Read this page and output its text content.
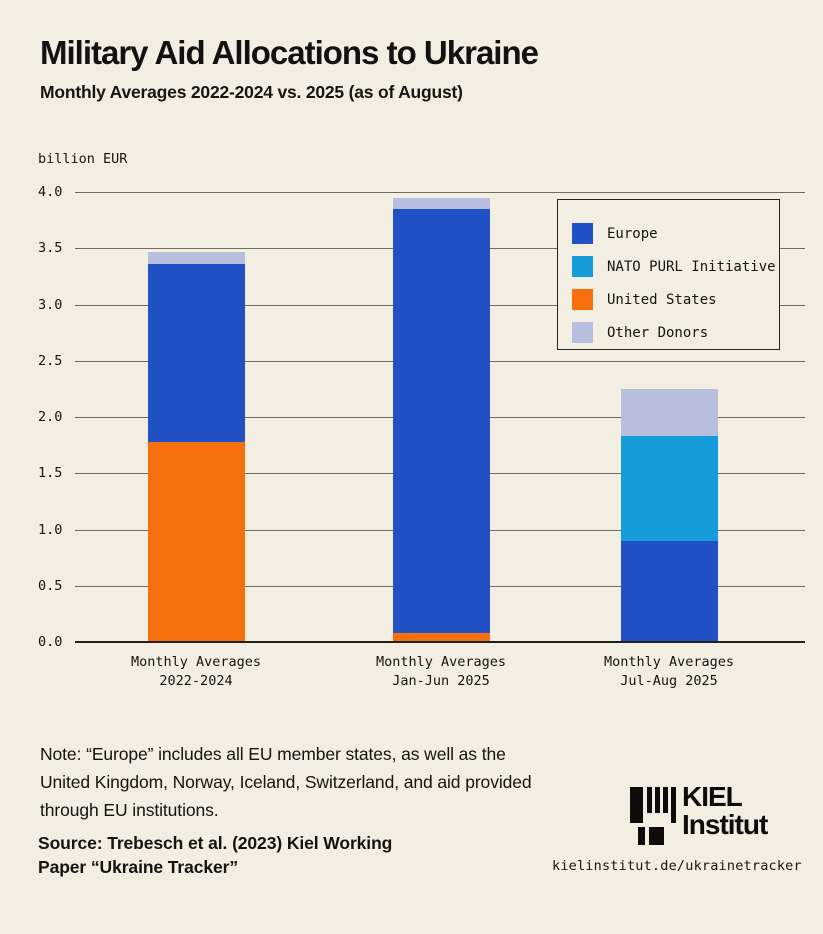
Military Aid Allocations to Ukraine
Monthly Averages 2022-2024 vs. 2025 (as of August)
billion EUR
0.0
0.5
1.0
1.5
2.0
2.5
3.0
3.5
4.0
Monthly Averages
2022-2024
Monthly Averages
Jan-Jun 2025
Monthly Averages
Jul-Aug 2025
Europe
NATO PURL Initiative
United States
Other Donors
Note: “Europe” includes all EU member states, as well as the
United Kingdom, Norway, Iceland, Switzerland, and aid provided
through EU institutions.
Source: Trebesch et al. (2023) Kiel Working
Paper “Ukraine Tracker”
KIEL
Institut
kielinstitut.de/ukrainetracker
